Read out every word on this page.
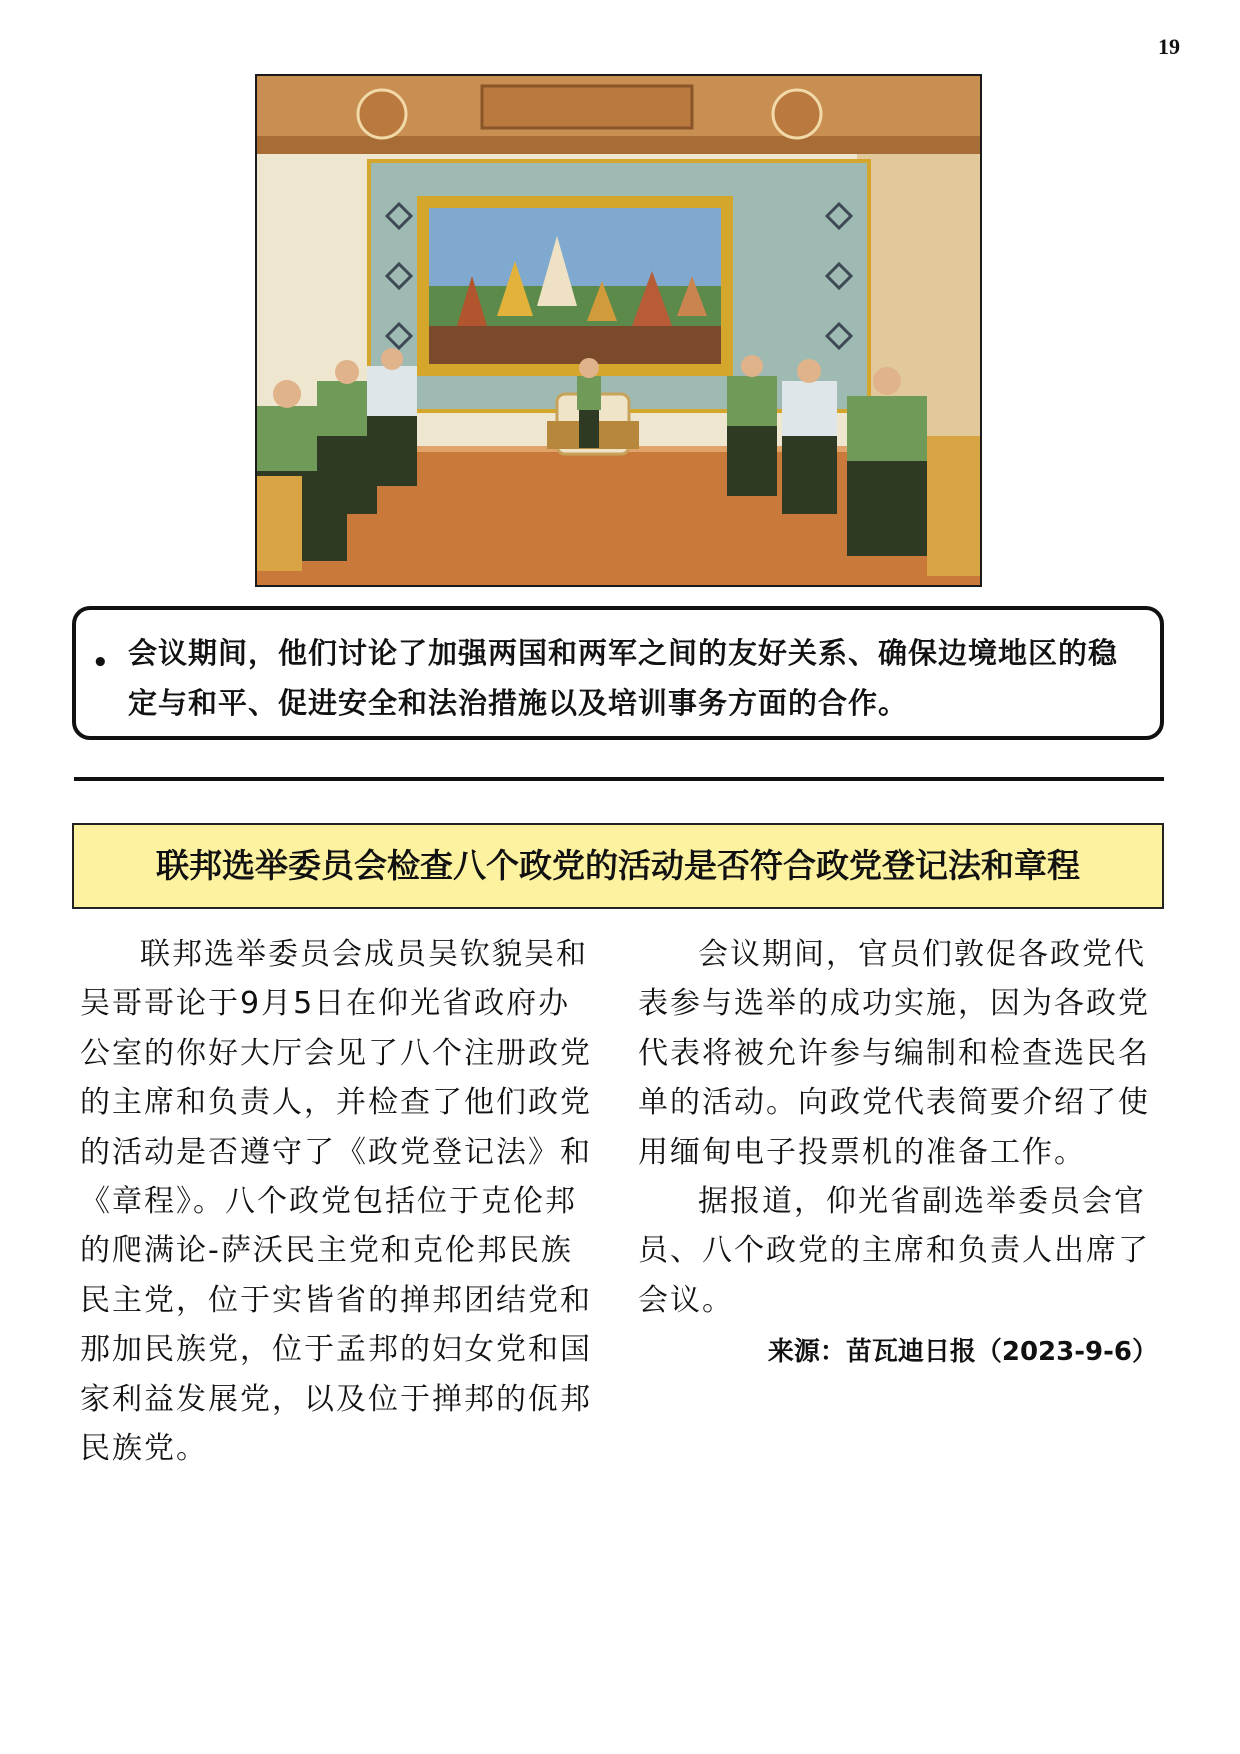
19
• 会议期间，他们讨论了加强两国和两军之间的友好关系、确保边境地区的稳定与和平、促进安全和法治措施以及培训事务方面的合作。
联邦选举委员会检查八个政党的活动是否符合政党登记法和章程

联邦选举委员会成员吴钦貌吴和吴哥哥论于9月5日在仰光省政府办公室的你好大厅会见了八个注册政党的主席和负责人，并检查了他们政党的活动是否遵守了《政党登记法》和《章程》。八个政党包括位于克伦邦的爬满论-萨沃民主党和克伦邦民族民主党，位于实皆省的掸邦团结党和那加民族党，位于孟邦的妇女党和国家利益发展党，以及位于掸邦的佤邦民族党。

会议期间，官员们敦促各政党代表参与选举的成功实施，因为各政党代表将被允许参与编制和检查选民名单的活动。向政党代表简要介绍了使用缅甸电子投票机的准备工作。

据报道，仰光省副选举委员会官员、八个政党的主席和负责人出席了会议。

来源：苗瓦迪日报（2023-9-6）
